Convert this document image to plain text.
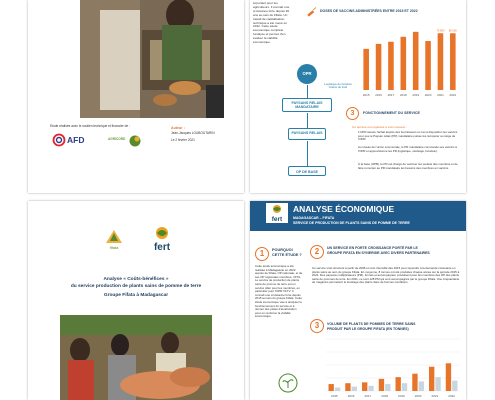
Etude réalisée avec le soutien technique et financier de :
AFD	AGRICORD
Auteur :
Jean-Jacques LOUBOUTARIN
Le 2 février 2021
important pour les agriculteurs. Il connaît une croissance forte depuis 20 ans au sein de Fifata. Un travail de capitalisation technique a été mené en 2012. Cette étude économique complète l'analyse et permet d'en évaluer la viabilité économique.
DOSES DE VACCINS ADMINISTRÉES ENTRE 2015 ET 2022
2015 2016 2017 2018 2019 2020 2021
79 800
2022
80 000
OPR
Logistique de livraison chaîne du froid
PAYSANS RELAIS MANDATAIRE
PAYSANS RELAIS
OP DE BASE
3	FONCTIONNEMENT DU SERVICE
Ce service est organisé à trois niveaux :
L'OPR assure l'achat auprès des fournisseurs et met à disposition les vaccins pour que le Paysan relais (PR) mandataire puisse les récupérer au siège de l'OPR.
Au niveau de l'union communale, le PR mandataire commande ses vaccins à l'OPR et approvisionne les PR (logistique, stockage, livraison).
À la base (OPB), le PR est chargé de vacciner les poulets des membres et de faire remonter au PR mandataire les besoins des membres en vaccins.
fifata	fert
Analyse « Coûts-bénéfices »
du service production de plants sains de pomme de terre
Groupe Fifata à Madagascar
fert
ANALYSE ÉCONOMIQUE
MADAGASCAR – FIFATA
SERVICE DE PRODUCTION DE PLANTS SAINS DE POMME DE TERRE
1	POURQUOI
CETTE ÉTUDE ?
Cette étude économique a été réalisée à Madagascar en 2022 auprès de Fifata, OP nationale, et de ses OP régionales membres, VFTA. Le service de production de plants sains de pomme de terre est un service pilier pour les membres, en particulier pour l'OPR VFTV. Il connaît une croissance forte depuis 2015 au sein du groupe Fifata. Cette étude économique vise à analyser le fonctionnement du service et à donner des pistes d'amélioration pour en renforcer la viabilité économique.
2	UN SERVICE EN FORTE CROISSANCE PORTÉ PAR LE
GROUPE FIFATA EN SYNERGIE AVEC DIVERS PARTENAIRES
Ce service s'est structuré à partir de 2008 et s'est intensifié dès 2015 pour répondre à la demande croissante en plants sains au sein du groupe Fifata. En moyenne, 8 tonnes ont été produites chaque année sur la période 2015 à 2021. Des paysans multiplicateurs (PM), formés et accompagnés, produisent pour les membres des OP des plants sains de pommes de terre. En 2021, ce sont 128 PM qui sont accompagnés par le groupe Fifata. Une cinquantaine de magasins permettent le stockage des plants dans de bonnes conditions.
3	VOLUME DE PLANTS DE POMMES DE TERRE SAINS
PRODUIT PAR LE GROUPE FIFATA (EN TONNES)
2015	2016	2017	2018	2019	2020	2021	2022
